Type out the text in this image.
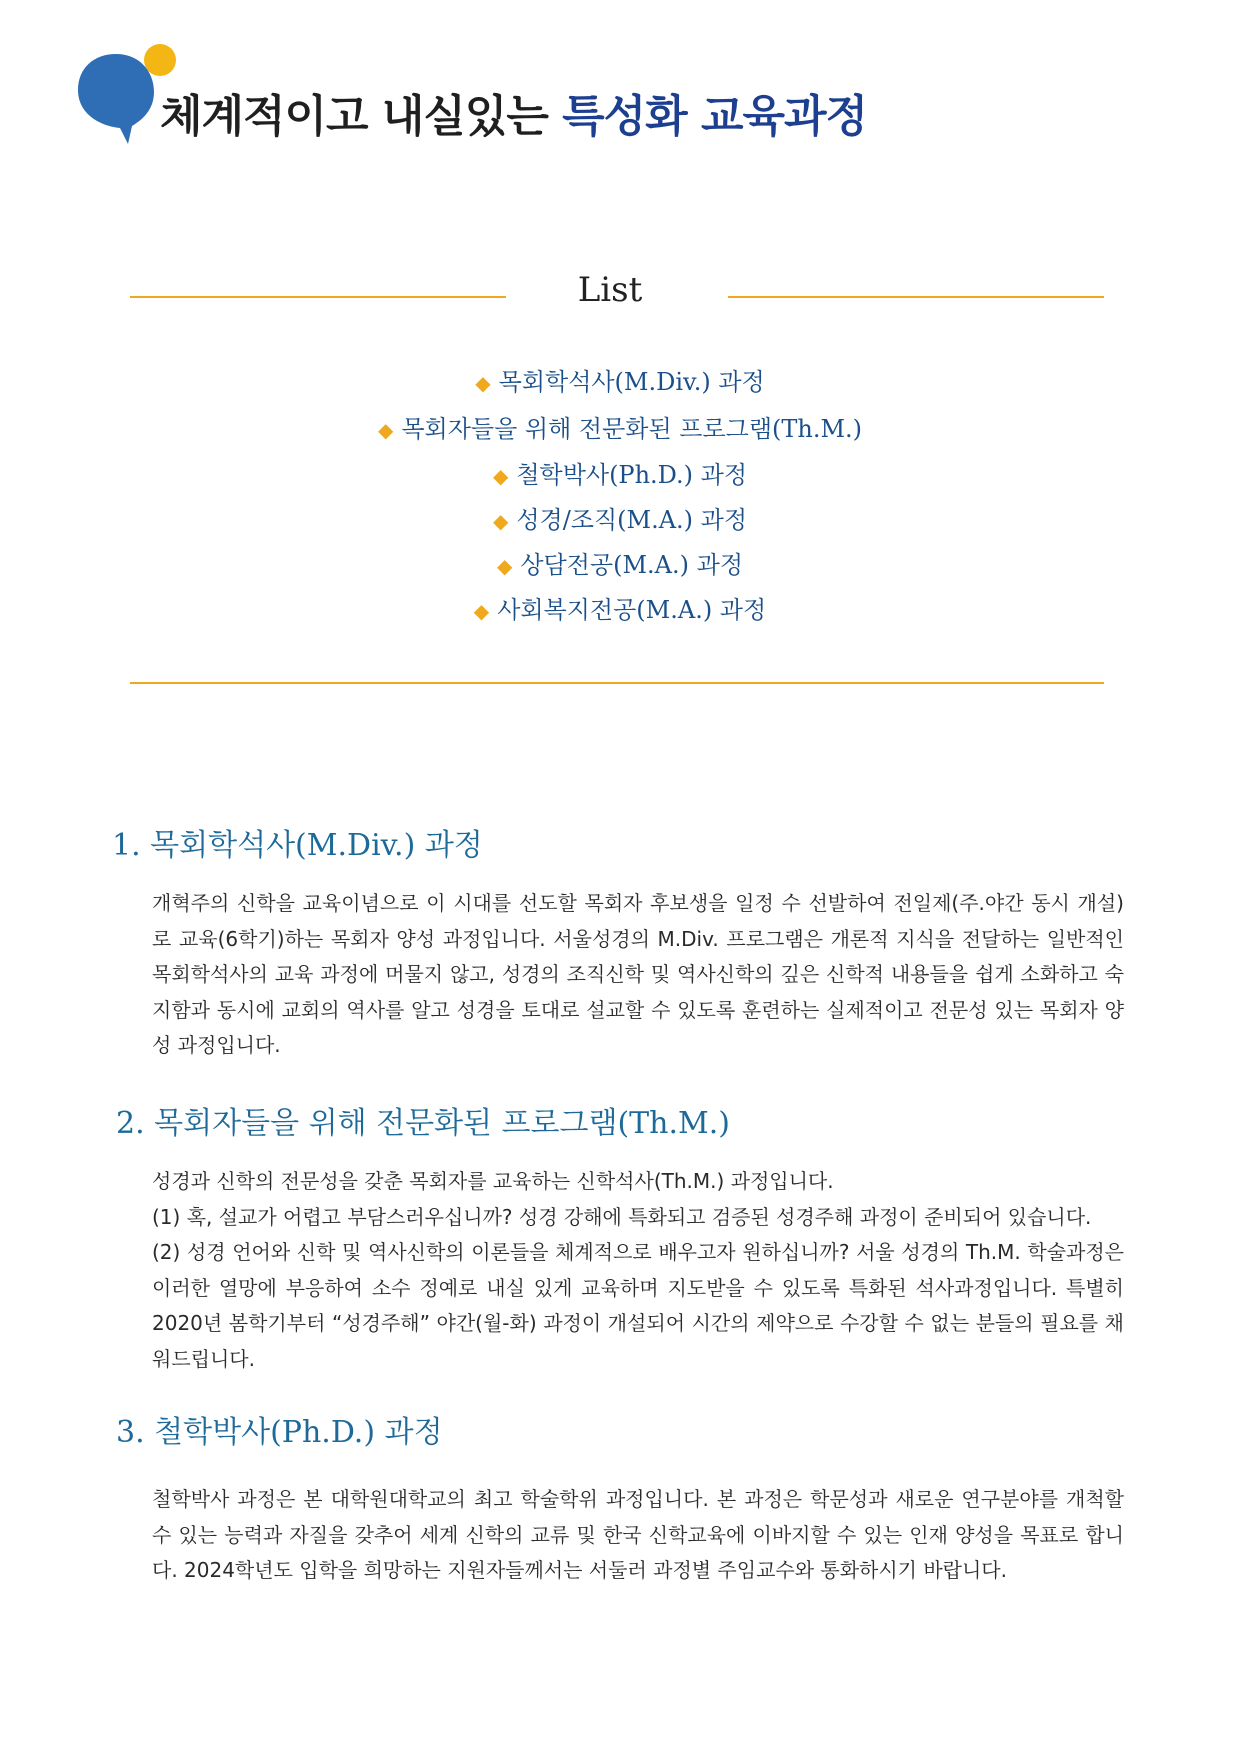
체계적이고 내실있는 특성화 교육과정
List
◆ 목회학석사(M.Div.) 과정
◆ 목회자들을 위해 전문화된 프로그램(Th.M.)
◆ 철학박사(Ph.D.) 과정
◆ 성경/조직(M.A.) 과정
◆ 상담전공(M.A.) 과정
◆ 사회복지전공(M.A.) 과정
1. 목회학석사(M.Div.) 과정

개혁주의 신학을 교육이념으로 이 시대를 선도할 목회자 후보생을 일정 수 선발하여 전일제(주.야간 동시 개설)로 교육(6학기)하는 목회자 양성 과정입니다. 서울성경의 M.Div. 프로그램은 개론적 지식을 전달하는 일반적인 목회학석사의 교육 과정에 머물지 않고, 성경의 조직신학 및 역사신학의 깊은 신학적 내용들을 쉽게 소화하고 숙지함과 동시에 교회의 역사를 알고 성경을 토대로 설교할 수 있도록 훈련하는 실제적이고 전문성 있는 목회자 양성 과정입니다.

2. 목회자들을 위해 전문화된 프로그램(Th.M.)

성경과 신학의 전문성을 갖춘 목회자를 교육하는 신학석사(Th.M.) 과정입니다.

(1) 혹, 설교가 어렵고 부담스러우십니까? 성경 강해에 특화되고 검증된 성경주해 과정이 준비되어 있습니다.

(2) 성경 언어와 신학 및 역사신학의 이론들을 체계적으로 배우고자 원하십니까? 서울 성경의 Th.M. 학술과정은 이러한 열망에 부응하여 소수 정예로 내실 있게 교육하며 지도받을 수 있도록 특화된 석사과정입니다. 특별히 2020년 봄학기부터 “성경주해” 야간(월-화) 과정이 개설되어 시간의 제약으로 수강할 수 없는 분들의 필요를 채워드립니다.

3. 철학박사(Ph.D.) 과정

철학박사 과정은 본 대학원대학교의 최고 학술학위 과정입니다. 본 과정은 학문성과 새로운 연구분야를 개척할 수 있는 능력과 자질을 갖추어 세계 신학의 교류 및 한국 신학교육에 이바지할 수 있는 인재 양성을 목표로 합니다. 2024학년도 입학을 희망하는 지원자들께서는 서둘러 과정별 주임교수와 통화하시기 바랍니다.
